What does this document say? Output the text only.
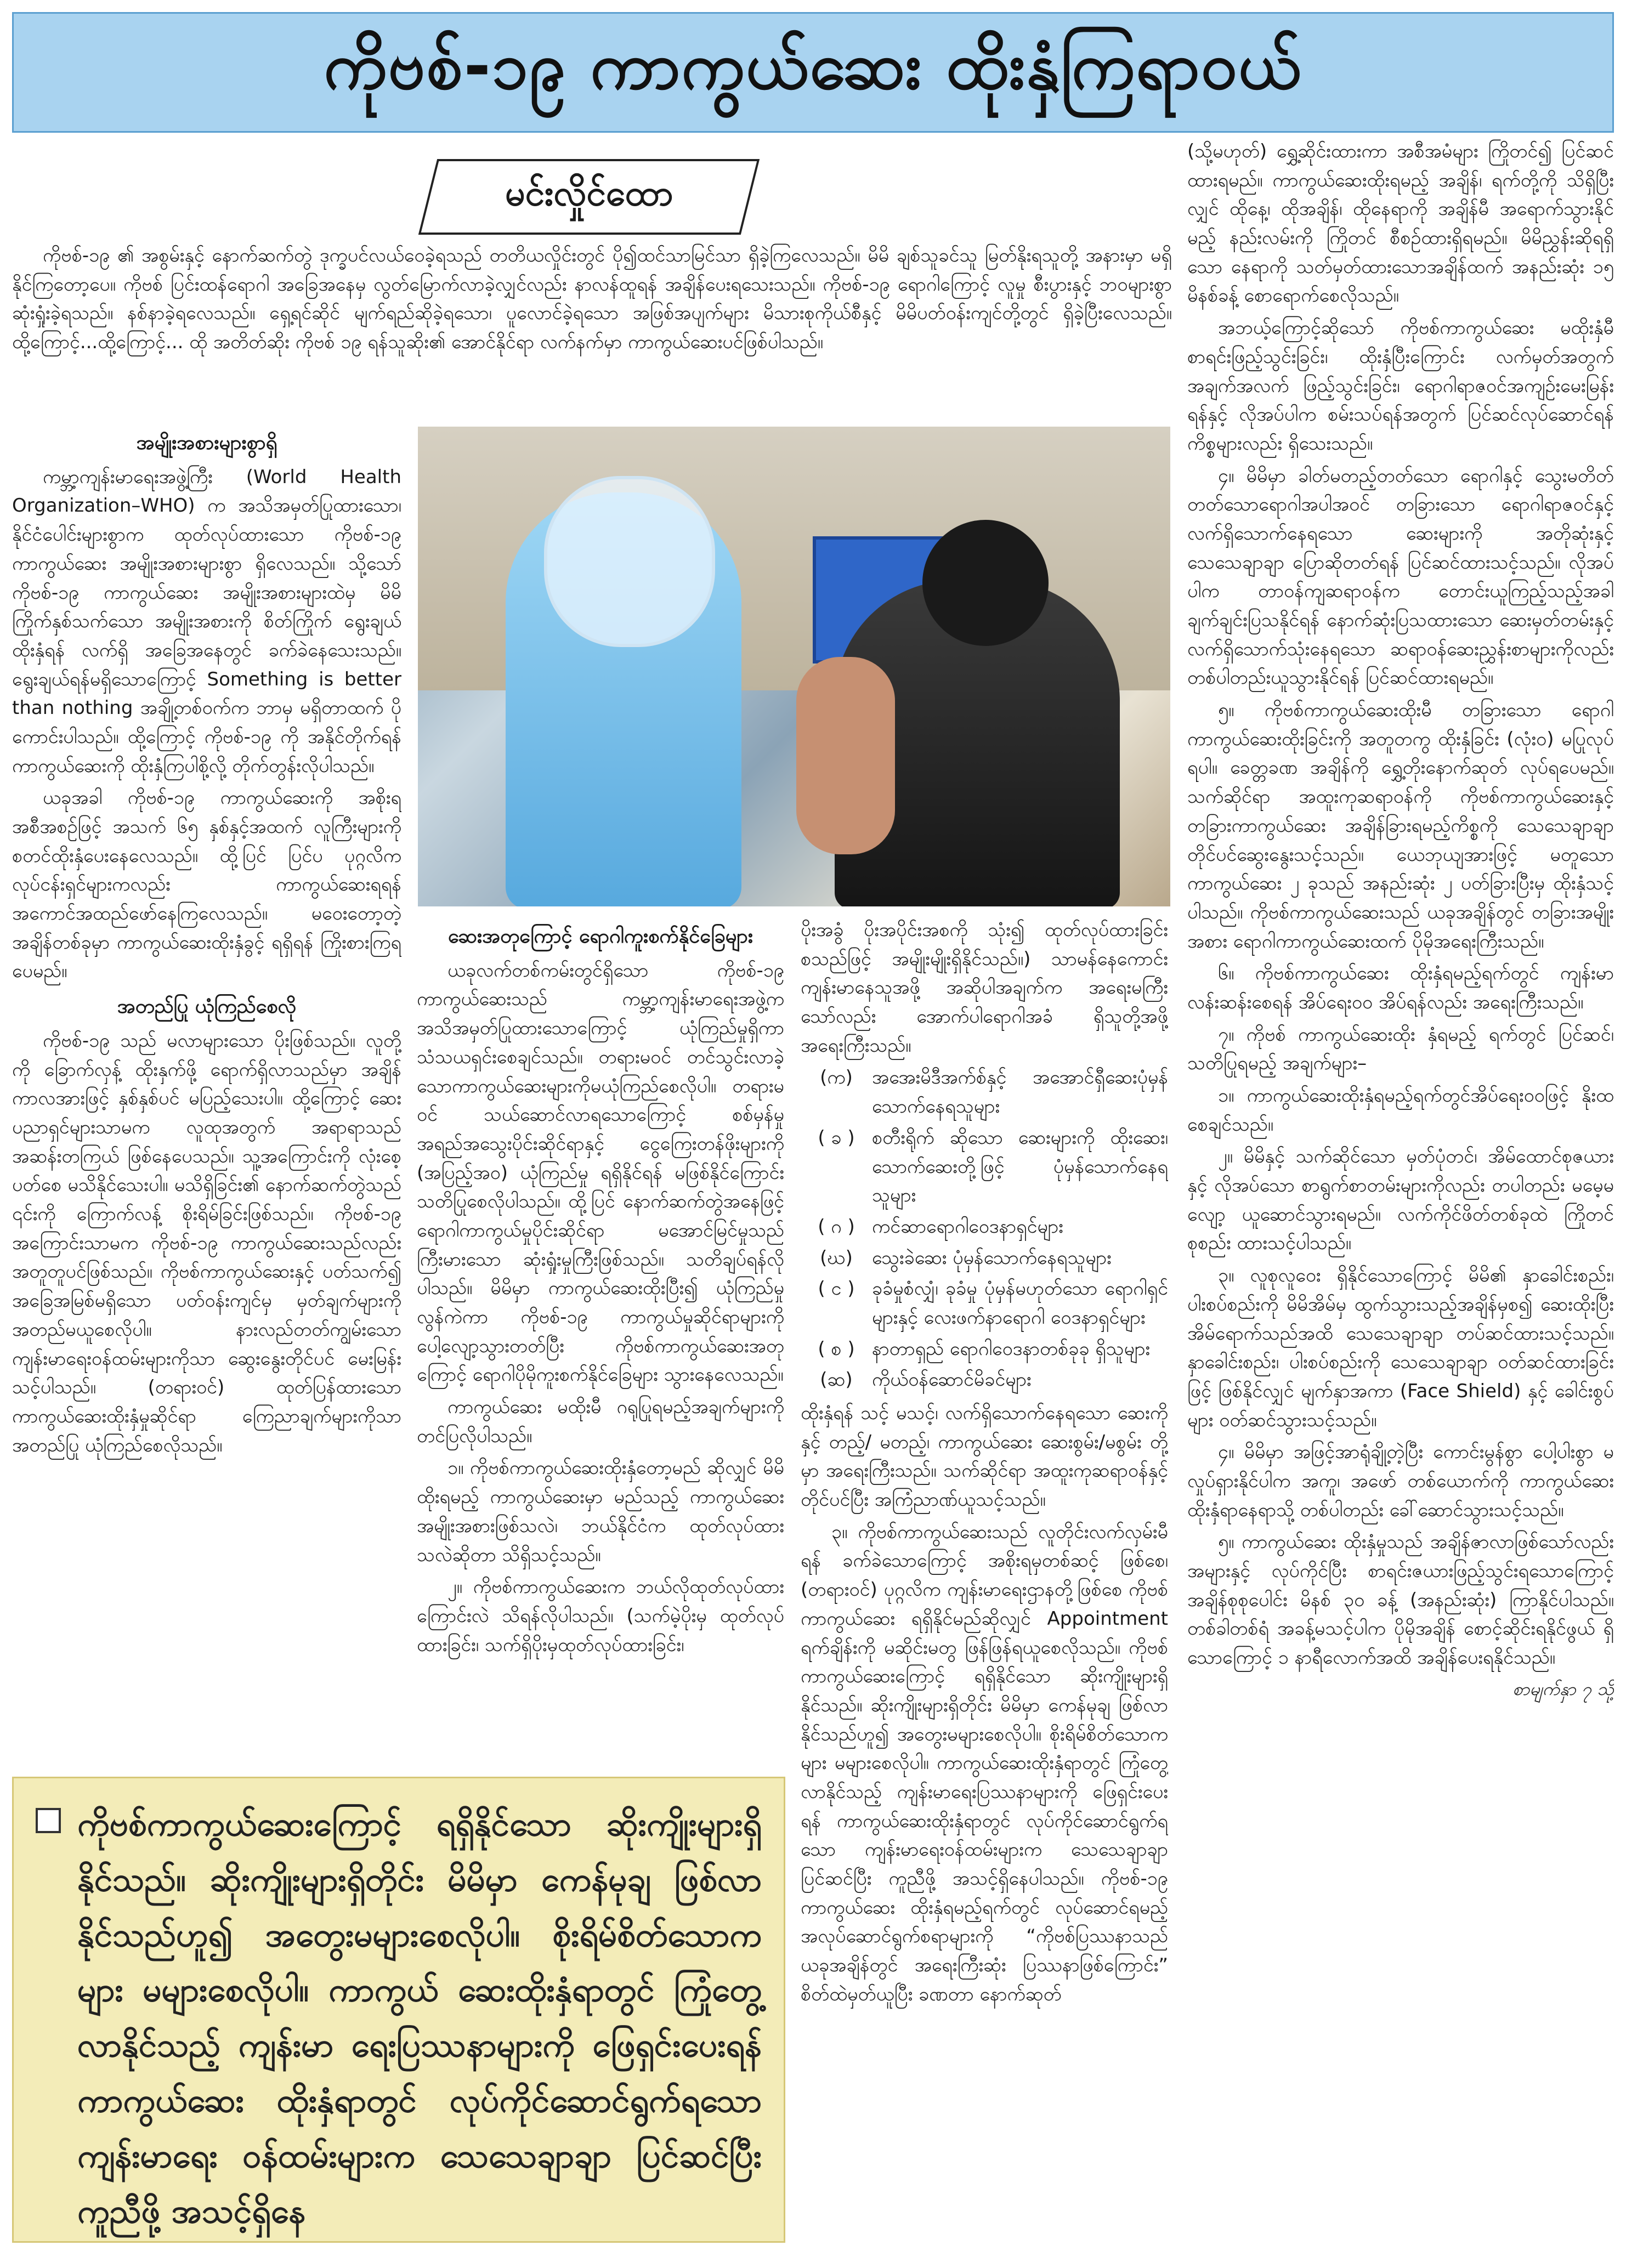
ကိုဗစ်-၁၉ ကာကွယ်ဆေး ထိုးနှံကြရာဝယ်
မင်းလှိုင်ထော

ကိုဗစ်-၁၉ ၏ အစွမ်းနှင့် နောက်ဆက်တွဲ ဒုက္ခပင်လယ်ဝေခဲ့ရသည် တတိယလှိုင်းတွင် ပို၍ထင်သာမြင်သာ ရှိခဲ့ကြလေသည်။ မိမိ ချစ်သူခင်သူ မြတ်နိုးရသူတို့ အနားမှာ မရှိနိုင်ကြတော့ပေ။ ကိုဗစ် ပြင်းထန်ရောဂါ အခြေအနေမှ လွတ်မြောက်လာခဲ့လျှင်လည်း နာလန်ထူရန် အချိန်ပေးရသေးသည်။ ကိုဗစ်-၁၉ ရောဂါကြောင့် လူမှု စီးပွားနှင့် ဘဝများစွာ ဆုံးရှုံးခဲ့ရသည်။ နစ်နာခဲ့ရလေသည်။ ရှေ့ရင်ဆိုင် မျက်ရည်ဆိုခဲ့ရသော၊ ပူလောင်ခဲ့ရသော အဖြစ်အပျက်များ မိသားစုကိုယ်စီနှင့် မိမိပတ်ဝန်းကျင်တို့တွင် ရှိခဲ့ပြီးလေသည်။ ထို့ကြောင့်...ထို့ကြောင့်... ထို အတိတ်ဆိုး ကိုဗစ် ၁၉ ရန်သူဆိုး၏ အောင်နိုင်ရာ လက်နက်မှာ ကာကွယ်ဆေးပင်ဖြစ်ပါသည်။

အမျိုးအစားများစွာရှိ

ကမ္ဘာ့ကျန်းမာရေးအဖွဲ့ကြီး (World Health Organization–WHO) က အသိအမှတ်ပြုထားသော၊ နိုင်ငံပေါင်းများစွာက ထုတ်လုပ်ထားသော ကိုဗစ်-၁၉ ကာကွယ်ဆေး အမျိုးအစားများစွာ ရှိလေသည်။ သို့သော် ကိုဗစ်-၁၉ ကာကွယ်ဆေး အမျိုးအစားများထဲမှ မိမိကြိုက်နှစ်သက်သော အမျိုးအစားကို စိတ်ကြိုက် ရွေးချယ်ထိုးနှံရန် လက်ရှိ အခြေအနေတွင် ခက်ခဲနေသေးသည်။ ရွေးချယ်ရန်မရှိသောကြောင့် Something is better than nothing အချို့တစ်ဝက်က ဘာမှ မရှိတာထက် ပိုကောင်းပါသည်။ ထို့ကြောင့် ကိုဗစ်-၁၉ ကို အနိုင်တိုက်ရန် ကာကွယ်ဆေးကို ထိုးနှံကြပါစို့လို့ တိုက်တွန်းလိုပါသည်။

ယခုအခါ ကိုဗစ်-၁၉ ကာကွယ်ဆေးကို အစိုးရ အစီအစဉ်ဖြင့် အသက် ၆၅ နှစ်နှင့်အထက် လူကြီးများကို စတင်ထိုးနှံပေးနေလေသည်။ ထို့ပြင် ပြင်ပ ပုဂ္ဂလိကလုပ်ငန်းရှင်များကလည်း ကာကွယ်ဆေးရရန် အကောင်အထည်ဖော်နေကြလေသည်။ မဝေးတော့တဲ့ အချိန်တစ်ခုမှာ ကာကွယ်ဆေးထိုးနှံခွင့် ရရှိရန် ကြိုးစားကြရပေမည်။

အတည်ပြု ယုံကြည်စေလို

ကိုဗစ်-၁၉ သည် မလာများသော ပိုးဖြစ်သည်။ လူတို့ကို ခြောက်လှန့် ထိုးနှက်ဖို့ ရောက်ရှိလာသည်မှာ အချိန်ကာလအားဖြင့် နှစ်နှစ်ပင် မပြည့်သေးပါ။ ထို့ကြောင့် ဆေးပညာရှင်များသာမက လူထုအတွက် အရာရာသည် အဆန်းတကြယ် ဖြစ်နေပေသည်။ သူ့အကြောင်းကို လုံးစေ့ပတ်စေ မသိနိုင်သေးပါ။ မသိရှိခြင်း၏ နောက်ဆက်တွဲသည် ၎င်းကို ကြောက်လန့် စိုးရိမ်ခြင်းဖြစ်သည်။ ကိုဗစ်-၁၉ အကြောင်းသာမက ကိုဗစ်-၁၉ ကာကွယ်ဆေးသည်လည်း အတူတူပင်ဖြစ်သည်။ ကိုဗစ်ကာကွယ်ဆေးနှင့် ပတ်သက်၍ အခြေအမြစ်မရှိသော ပတ်ဝန်းကျင်မှ မှတ်ချက်များကို အတည်မယူစေလိုပါ။ နားလည်တတ်ကျွမ်းသော ကျန်းမာရေးဝန်ထမ်းများကိုသာ ဆွေးနွေးတိုင်ပင် မေးမြန်းသင့်ပါသည်။ (တရားဝင်) ထုတ်ပြန်ထားသော ကာကွယ်ဆေးထိုးနှံမှုဆိုင်ရာ ကြေညာချက်များကိုသာ အတည်ပြု ယုံကြည်စေလိုသည်။

ဆေးအတုကြောင့် ရောဂါကူးစက်နိုင်ခြေများ

ယခုလက်တစ်ကမ်းတွင်ရှိသော ကိုဗစ်-၁၉ ကာကွယ်ဆေးသည် ကမ္ဘာ့ကျန်းမာရေးအဖွဲ့က အသိအမှတ်ပြုထားသောကြောင့် ယုံကြည်မှုရှိကာ သံသယရှင်းစေချင်သည်။ တရားမဝင် တင်သွင်းလာခဲ့သောကာကွယ်ဆေးများကိုမယုံကြည်စေလိုပါ။ တရားမဝင် သယ်ဆောင်လာရသောကြောင့် စစ်မှန်မှု အရည်အသွေးပိုင်းဆိုင်ရာနှင့် ငွေကြေးတန်ဖိုးများကို (အပြည့်အဝ) ယုံကြည်မှု ရရှိနိုင်ရန် မဖြစ်နိုင်ကြောင်း သတိပြုစေလိုပါသည်။ ထို့ပြင် နောက်ဆက်တွဲအနေဖြင့် ရောဂါကာကွယ်မှုပိုင်းဆိုင်ရာ မအောင်မြင်မှုသည် ကြီးမားသော ဆုံးရှုံးမှုကြီးဖြစ်သည်။ သတိချပ်ရန်လိုပါသည်။ မိမိမှာ ကာကွယ်ဆေးထိုးပြီး၍ ယုံကြည်မှုလွန်ကဲကာ ကိုဗစ်-၁၉ ကာကွယ်မှုဆိုင်ရာများကို ပေါ့လျော့သွားတတ်ပြီး ကိုဗစ်ကာကွယ်ဆေးအတုကြောင့် ရောဂါပိုမိုကူးစက်နိုင်ခြေများ သွားနေလေသည်။

ကာကွယ်ဆေး မထိုးမီ ဂရုပြုရမည့်အချက်များကို တင်ပြလိုပါသည်။

၁။ ကိုဗစ်ကာကွယ်ဆေးထိုးနှံတော့မည် ဆိုလျှင် မိမိထိုးရမည့် ကာကွယ်ဆေးမှာ မည်သည့် ကာကွယ်ဆေးအမျိုးအစားဖြစ်သလဲ၊ ဘယ်နိုင်ငံက ထုတ်လုပ်ထားသလဲဆိုတာ သိရှိသင့်သည်။

၂။ ကိုဗစ်ကာကွယ်ဆေးက ဘယ်လိုထုတ်လုပ်ထားကြောင်းလဲ သိရန်လိုပါသည်။ (သက်မဲ့ပိုးမှ ထုတ်လုပ်ထားခြင်း၊ သက်ရှိပိုးမှထုတ်လုပ်ထားခြင်း၊

ပိုးအခွံ ပိုးအပိုင်းအစကို သုံး၍ ထုတ်လုပ်ထားခြင်း စသည်ဖြင့် အမျိုးမျိုးရှိနိုင်သည်။) သာမန်နေကောင်းကျန်းမာနေသူအဖို့ အဆိုပါအချက်က အရေးမကြီးသော်လည်း အောက်ပါရောဂါအခံ ရှိသူတို့အဖို့ အရေးကြီးသည်။

(က)	အအေးမိဒီအက်စ်နှင့် အအောင်ရှီဆေးပုံမှန်သောက်နေရသူများ
( ခ ) စတီးရိုက် ဆိုသော ဆေးများကို ထိုးဆေး၊ သောက်ဆေးတို့ဖြင့် ပုံမှန်သောက်နေရသူများ
( ဂ ) ကင်ဆာရောဂါဝေဒနာရှင်များ
(ဃ)	သွေးခဲဆေး ပုံမှန်သောက်နေရသူများ
( င ) ခုခံမှုစံလျှံ၊ ခုခံမှု ပုံမှန်မဟုတ်သော ရောဂါရှင်များနှင့် လေးဖက်နာရောဂါ ဝေဒနာရှင်များ
( စ ) နာတာရှည် ရောဂါဝေဒနာတစ်ခုခု ရှိသူများ
(ဆ)	ကိုယ်ဝန်ဆောင်မိခင်များ

ထိုးနှံရန် သင့် မသင့်၊ လက်ရှိသောက်နေရသော ဆေးကိုနှင့် တည့်/ မတည့်၊ ကာကွယ်ဆေး ဆေးစွမ်း/မစွမ်း တို့မှာ အရေးကြီးသည်။ သက်ဆိုင်ရာ အထူးကုဆရာဝန်နှင့် တိုင်ပင်ပြီး အကြံညာဏ်ယူသင့်သည်။

၃။ ကိုဗစ်ကာကွယ်ဆေးသည် လူတိုင်းလက်လှမ်းမီရန် ခက်ခဲသောကြောင့် အစိုးရမှတစ်ဆင့် ဖြစ်စေ၊ (တရားဝင်) ပုဂ္ဂလိက ကျန်းမာရေးဌာနတို့ဖြစ်စေ ကိုဗစ်ကာကွယ်ဆေး ရရှိနိုင်မည်ဆိုလျှင် Appointment ရက်ချိန်းကို မဆိုင်းမတွ ဖြန်ဖြန်ရယူစေလိုသည်။ ကိုဗစ်ကာကွယ်ဆေးကြောင့် ရရှိနိုင်သော ဆိုးကျိုးများရှိနိုင်သည်။ ဆိုးကျိုးများရှိတိုင်း မိမိမှာ ကေန်မုချ ဖြစ်လာနိုင်သည်ဟူ၍ အတွေးမများစေလိုပါ။ စိုးရိမ်စိတ်သောကများ မများစေလိုပါ။ ကာကွယ်ဆေးထိုးနှံရာတွင် ကြုံတွေ့လာနိုင်သည့် ကျန်းမာရေးပြဿနာများကို ဖြေရှင်းပေးရန် ကာကွယ်ဆေးထိုးနှံရာတွင် လုပ်ကိုင်ဆောင်ရွက်ရသော ကျန်းမာရေးဝန်ထမ်းများက သေသေချာချာ ပြင်ဆင်ပြီး ကူညီဖို့ အသင့်ရှိနေပါသည်။ ကိုဗစ်-၁၉ ကာကွယ်ဆေး ထိုးနှံရမည့်ရက်တွင် လုပ်ဆောင်ရမည့် အလုပ်ဆောင်ရွက်စရာများကို “ကိုဗစ်ပြဿနာသည် ယခုအချိန်တွင် အရေးကြီးဆုံး ပြဿနာဖြစ်ကြောင်း” စိတ်ထဲမှတ်ယူပြီး ခဏတာ နောက်ဆုတ်

(သို့မဟုတ်) ရွှေ့ဆိုင်းထားကာ အစီအမံများ ကြိုတင်၍ ပြင်ဆင်ထားရမည်။ ကာကွယ်ဆေးထိုးရမည့် အချိန်၊ ရက်တို့ကို သိရှိပြီးလျှင် ထိုနေ့၊ ထိုအချိန်၊ ထိုနေရာကို အချိန်မီ အရောက်သွားနိုင်မည့် နည်းလမ်းကို ကြိုတင် စီစဉ်ထားရှိရမည်။ မိမိညွှန်းဆိုရရှိသော နေရာကို သတ်မှတ်ထားသောအချိန်ထက် အနည်းဆုံး ၁၅ မိနစ်ခန့် စောရောက်စေလိုသည်။

အဘယ့်ကြောင့်ဆိုသော် ကိုဗစ်ကာကွယ်ဆေး မထိုးနှံမီ စာရင်းဖြည့်သွင်းခြင်း၊ ထိုးနှံပြီးကြောင်း လက်မှတ်အတွက် အချက်အလက် ဖြည့်သွင်းခြင်း၊ ရောဂါရာဇဝင်အကျဉ်းမေးမြန်းရန်နှင့် လိုအပ်ပါက စမ်းသပ်ရန်အတွက် ပြင်ဆင်လုပ်ဆောင်ရန် ကိစ္စများလည်း ရှိသေးသည်။

၄။ မိမိမှာ ခါတ်မတည့်တတ်သော ရောဂါနှင့် သွေးမတိတ်တတ်သောရောဂါအပါအဝင် တခြားသော ရောဂါရာဇဝင်နှင့် လက်ရှိသောက်နေရသော ဆေးများကို အတိုဆုံးနှင့် သေသေချာချာ ပြောဆိုတတ်ရန် ပြင်ဆင်ထားသင့်သည်။ လိုအပ်ပါက တာဝန်ကျဆရာဝန်က တောင်းယူကြည့်သည့်အခါ ချက်ချင်းပြသနိုင်ရန် နောက်ဆုံးပြသထားသော ဆေးမှတ်တမ်းနှင့် လက်ရှိသောက်သုံးနေရသော ဆရာဝန်ဆေးညွှန်းစာများကိုလည်း တစ်ပါတည်းယူသွားနိုင်ရန် ပြင်ဆင်ထားရမည်။

၅။ ကိုဗစ်ကာကွယ်ဆေးထိုးမီ တခြားသော ရောဂါကာကွယ်ဆေးထိုးခြင်းကို အတူတကွ ထိုးနှံခြင်း (လုံးဝ) မပြုလုပ်ရပါ။ ခေတ္တခဏ အချိန်ကို ရွှေ့တိုးနောက်ဆုတ် လုပ်ရပေမည်။ သက်ဆိုင်ရာ အထူးကုဆရာဝန်ကို ကိုဗစ်ကာကွယ်ဆေးနှင့် တခြားကာကွယ်ဆေး အချိန်ခြားရမည့်ကိစ္စကို သေသေချာချာ တိုင်ပင်ဆွေးနွေးသင့်သည်။ ယေဘုယျအားဖြင့် မတူသော ကာကွယ်ဆေး ၂ ခုသည် အနည်းဆုံး ၂ ပတ်ခြားပြီးမှ ထိုးနှံသင့်ပါသည်။ ကိုဗစ်ကာကွယ်ဆေးသည် ယခုအချိန်တွင် တခြားအမျိုးအစား ရောဂါကာကွယ်ဆေးထက် ပိုမိုအရေးကြီးသည်။

၆။ ကိုဗစ်ကာကွယ်ဆေး ထိုးနှံရမည့်ရက်တွင် ကျန်းမာလန်းဆန်းစေရန် အိပ်ရေးဝဝ အိပ်ရန်လည်း အရေးကြီးသည်။

၇။ ကိုဗစ် ကာကွယ်ဆေးထိုး နှံရမည့် ရက်တွင် ပြင်ဆင်၊ သတိပြုရမည့် အချက်များ–

၁။ ကာကွယ်ဆေးထိုးနှံရမည့်ရက်တွင်အိပ်ရေးဝဝဖြင့် နိုးထစေချင်သည်။

၂။ မိမိနှင့် သက်ဆိုင်သော မှတ်ပုံတင်၊ အိမ်ထောင်စုဇယားနှင့် လိုအပ်သော စာရွက်စာတမ်းများကိုလည်း တပါတည်း မမေ့မလျော့ ယူဆောင်သွားရမည်။ လက်ကိုင်ဖိတ်တစ်ခုထဲ ကြိုတင်စုစည်း ထားသင့်ပါသည်။

၃။ လူစုလူဝေး ရှိနိုင်သောကြောင့် မိမိ၏ နှာခေါင်းစည်း၊ ပါးစပ်စည်းကို မိမိအိမ်မှ ထွက်သွားသည့်အချိန်မှစ၍ ဆေးထိုးပြီး အိမ်ရောက်သည်အထိ သေသေချာချာ တပ်ဆင်ထားသင့်သည်။ နှာခေါင်းစည်း၊ ပါးစပ်စည်းကို သေသေချာချာ ဝတ်ဆင်ထားခြင်းဖြင့် ဖြစ်နိုင်လျှင် မျက်နှာအကာ (Face Shield) နှင့် ခေါင်းစွပ်များ ဝတ်ဆင်သွားသင့်သည်။

၄။ မိမိမှာ အဖြင့်အာရုံချို့တဲ့ပြီး ကောင်းမွန်စွာ ပေါ့ပါးစွာ မလှုပ်ရှားနိုင်ပါက အကူ၊ အဖော် တစ်ယောက်ကို ကာကွယ်ဆေးထိုးနှံရာနေရာသို့ တစ်ပါတည်း ခေါ်ဆောင်သွားသင့်သည်။

၅။ ကာကွယ်ဆေး ထိုးနှံမှုသည် အချိန်ဇာလာဖြစ်သော်လည်း အများနှင့် လုပ်ကိုင်ပြီး စာရင်းဇယားဖြည့်သွင်းရသောကြောင့် အချိန်စုစုပေါင်း မိနစ် ၃၀ ခန့် (အနည်းဆုံး) ကြာနိုင်ပါသည်။ တစ်ခါတစ်ရံ အခန့်မသင့်ပါက ပိုမိုအချိန် စောင့်ဆိုင်းရနိုင်ဖွယ် ရှိသောကြောင့် ၁ နာရီလောက်အထိ အချိန်ပေးရနိုင်သည်။

စာမျက်နှာ ၇ သို့
ကိုဗစ်ကာကွယ်ဆေးကြောင့် ရရှိနိုင်သော ဆိုးကျိုးများရှိနိုင်သည်။ ဆိုးကျိုးများရှိတိုင်း မိမိမှာ ကေန်မုချ ဖြစ်လာနိုင်သည်ဟူ၍ အတွေးမများစေလိုပါ။ စိုးရိမ်စိတ်သောကများ မများစေလိုပါ။ ကာကွယ် ဆေးထိုးနှံရာတွင် ကြုံတွေ့လာနိုင်သည့် ကျန်းမာ ရေးပြဿနာများကို ဖြေရှင်းပေးရန် ကာကွယ်ဆေး ထိုးနှံရာတွင် လုပ်ကိုင်ဆောင်ရွက်ရသော ကျန်းမာရေး ဝန်ထမ်းများက သေသေချာချာ ပြင်ဆင်ပြီး ကူညီဖို့ အသင့်ရှိနေ
